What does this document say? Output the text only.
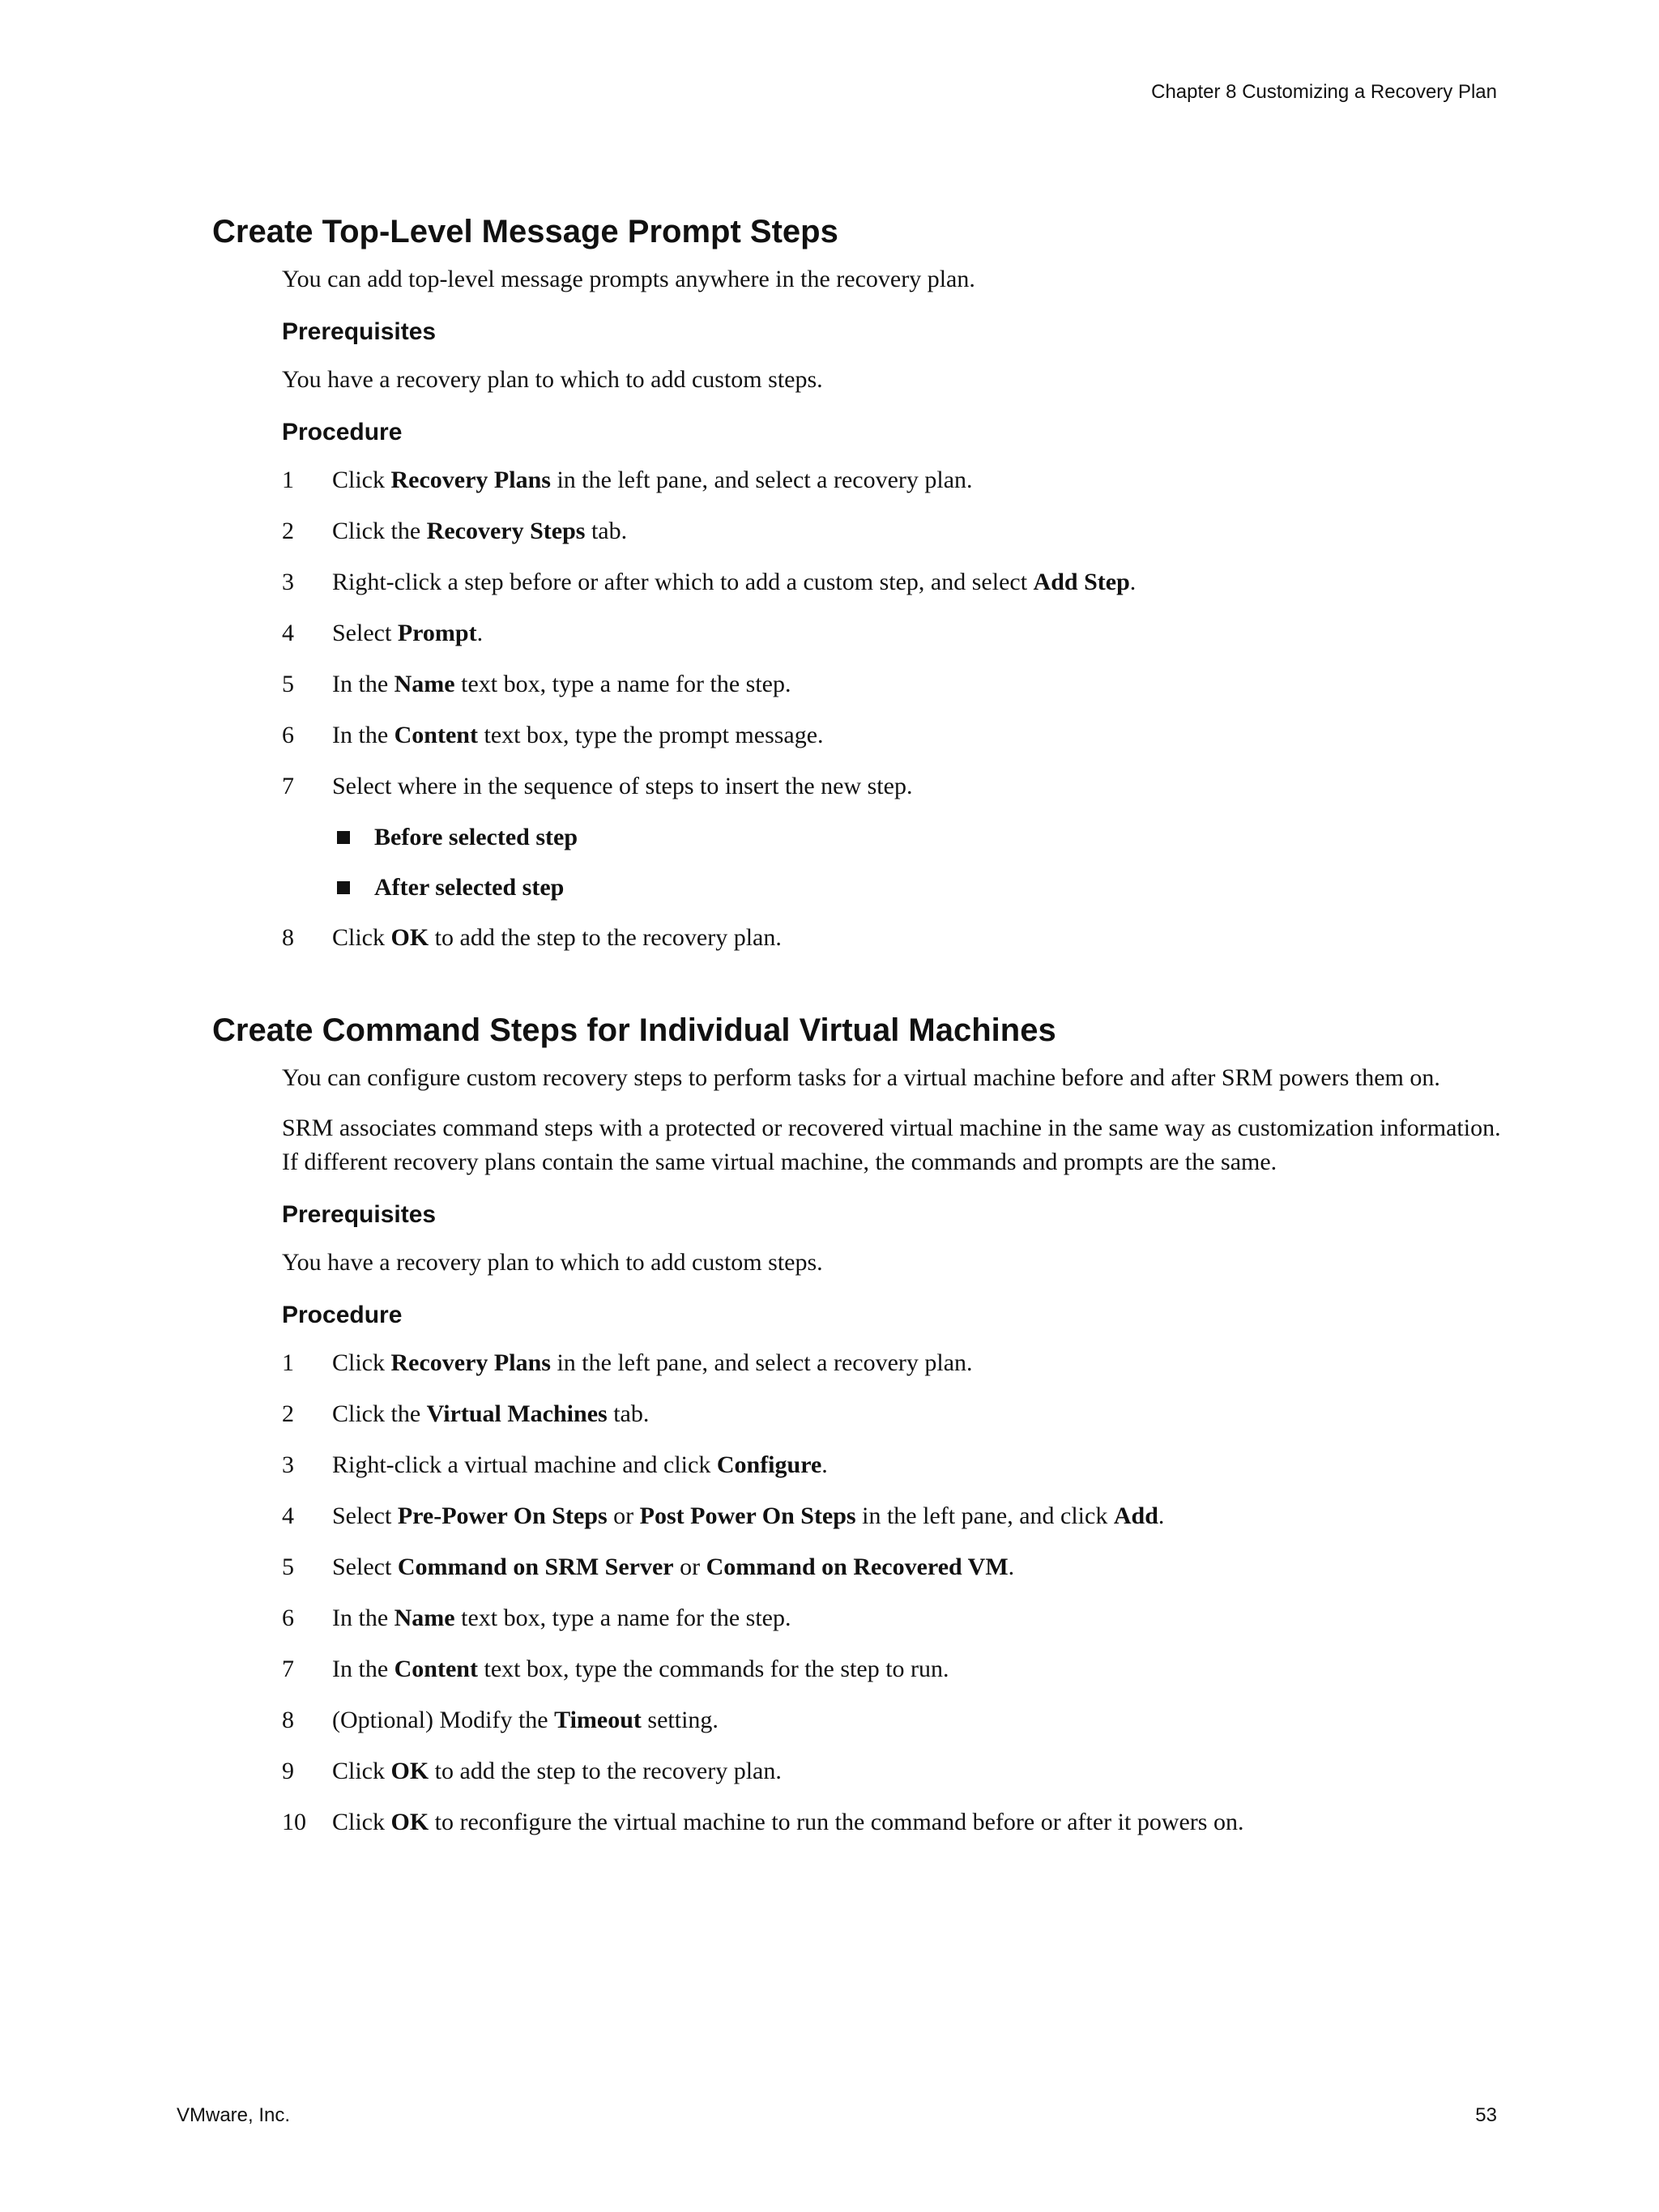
Chapter 8 Customizing a Recovery Plan
Create Top-Level Message Prompt Steps
You can add top-level message prompts anywhere in the recovery plan.
Prerequisites
You have a recovery plan to which to add custom steps.
Procedure
1	Click Recovery Plans in the left pane, and select a recovery plan.
2	Click the Recovery Steps tab.
3	Right-click a step before or after which to add a custom step, and select Add Step.
4	Select Prompt.
5	In the Name text box, type a name for the step.
6	In the Content text box, type the prompt message.
7	Select where in the sequence of steps to insert the new step.
Before selected step
After selected step
8	Click OK to add the step to the recovery plan.
Create Command Steps for Individual Virtual Machines
You can configure custom recovery steps to perform tasks for a virtual machine before and after SRM powers them on.
SRM associates command steps with a protected or recovered virtual machine in the same way as customization information. If different recovery plans contain the same virtual machine, the commands and prompts are the same.
Prerequisites
You have a recovery plan to which to add custom steps.
Procedure
1	Click Recovery Plans in the left pane, and select a recovery plan.
2	Click the Virtual Machines tab.
3	Right-click a virtual machine and click Configure.
4	Select Pre-Power On Steps or Post Power On Steps in the left pane, and click Add.
5	Select Command on SRM Server or Command on Recovered VM.
6	In the Name text box, type a name for the step.
7	In the Content text box, type the commands for the step to run.
8	(Optional) Modify the Timeout setting.
9	Click OK to add the step to the recovery plan.
10	Click OK to reconfigure the virtual machine to run the command before or after it powers on.
VMware, Inc.	53
